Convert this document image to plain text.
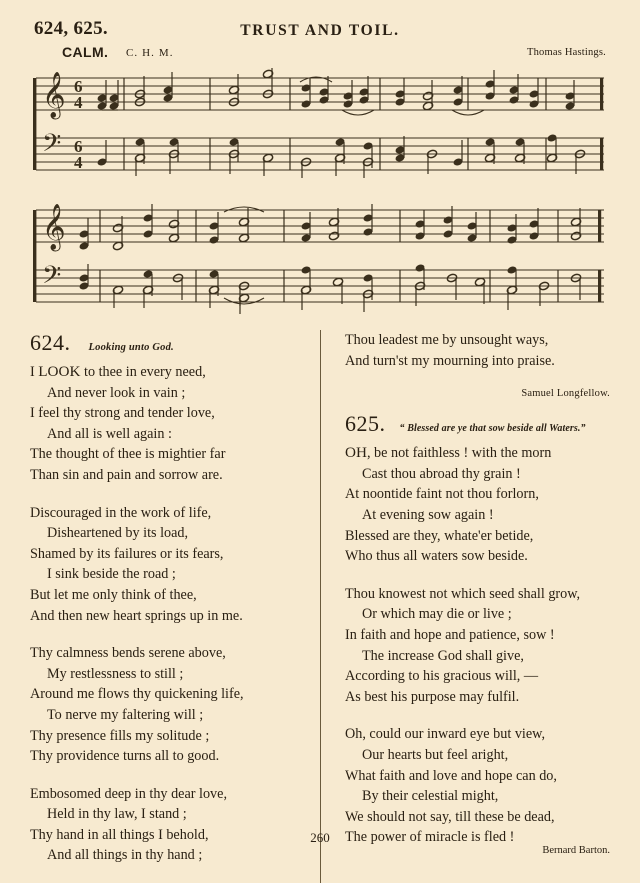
624, 625.	TRUST AND TOIL.
CALM. C. H. M.	Thomas Hastings.
𝄞
𝄢
6
4
6
4
𝄞
𝄢
624. Looking unto God.
I LOOK to thee in every need,
And never look in vain ;
I feel thy strong and tender love,
And all is well again :
The thought of thee is mightier far
Than sin and pain and sorrow are.
Discouraged in the work of life,
Disheartened by its load,
Shamed by its failures or its fears,
I sink beside the road ;
But let me only think of thee,
And then new heart springs up in me.
Thy calmness bends serene above,
My restlessness to still ;
Around me flows thy quickening life,
To nerve my faltering will ;
Thy presence fills my solitude ;
Thy providence turns all to good.
Embosomed deep in thy dear love,
Held in thy law, I stand ;
Thy hand in all things I behold,
And all things in thy hand ;
Thou leadest me by unsought ways,
And turn'st my mourning into praise.
Samuel Longfellow.
625. “ Blessed are ye that sow beside all Waters.”
OH, be not faithless ! with the morn
Cast thou abroad thy grain !
At noontide faint not thou forlorn,
At evening sow again !
Blessed are they, whate'er betide,
Who thus all waters sow beside.
Thou knowest not which seed shall grow,
Or which may die or live ;
In faith and hope and patience, sow !
The increase God shall give,
According to his gracious will, —
As best his purpose may fulfil.
Oh, could our inward eye but view,
Our hearts but feel aright,
What faith and love and hope can do,
By their celestial might,
We should not say, till these be dead,
The power of miracle is fled !
260
Bernard Barton.
